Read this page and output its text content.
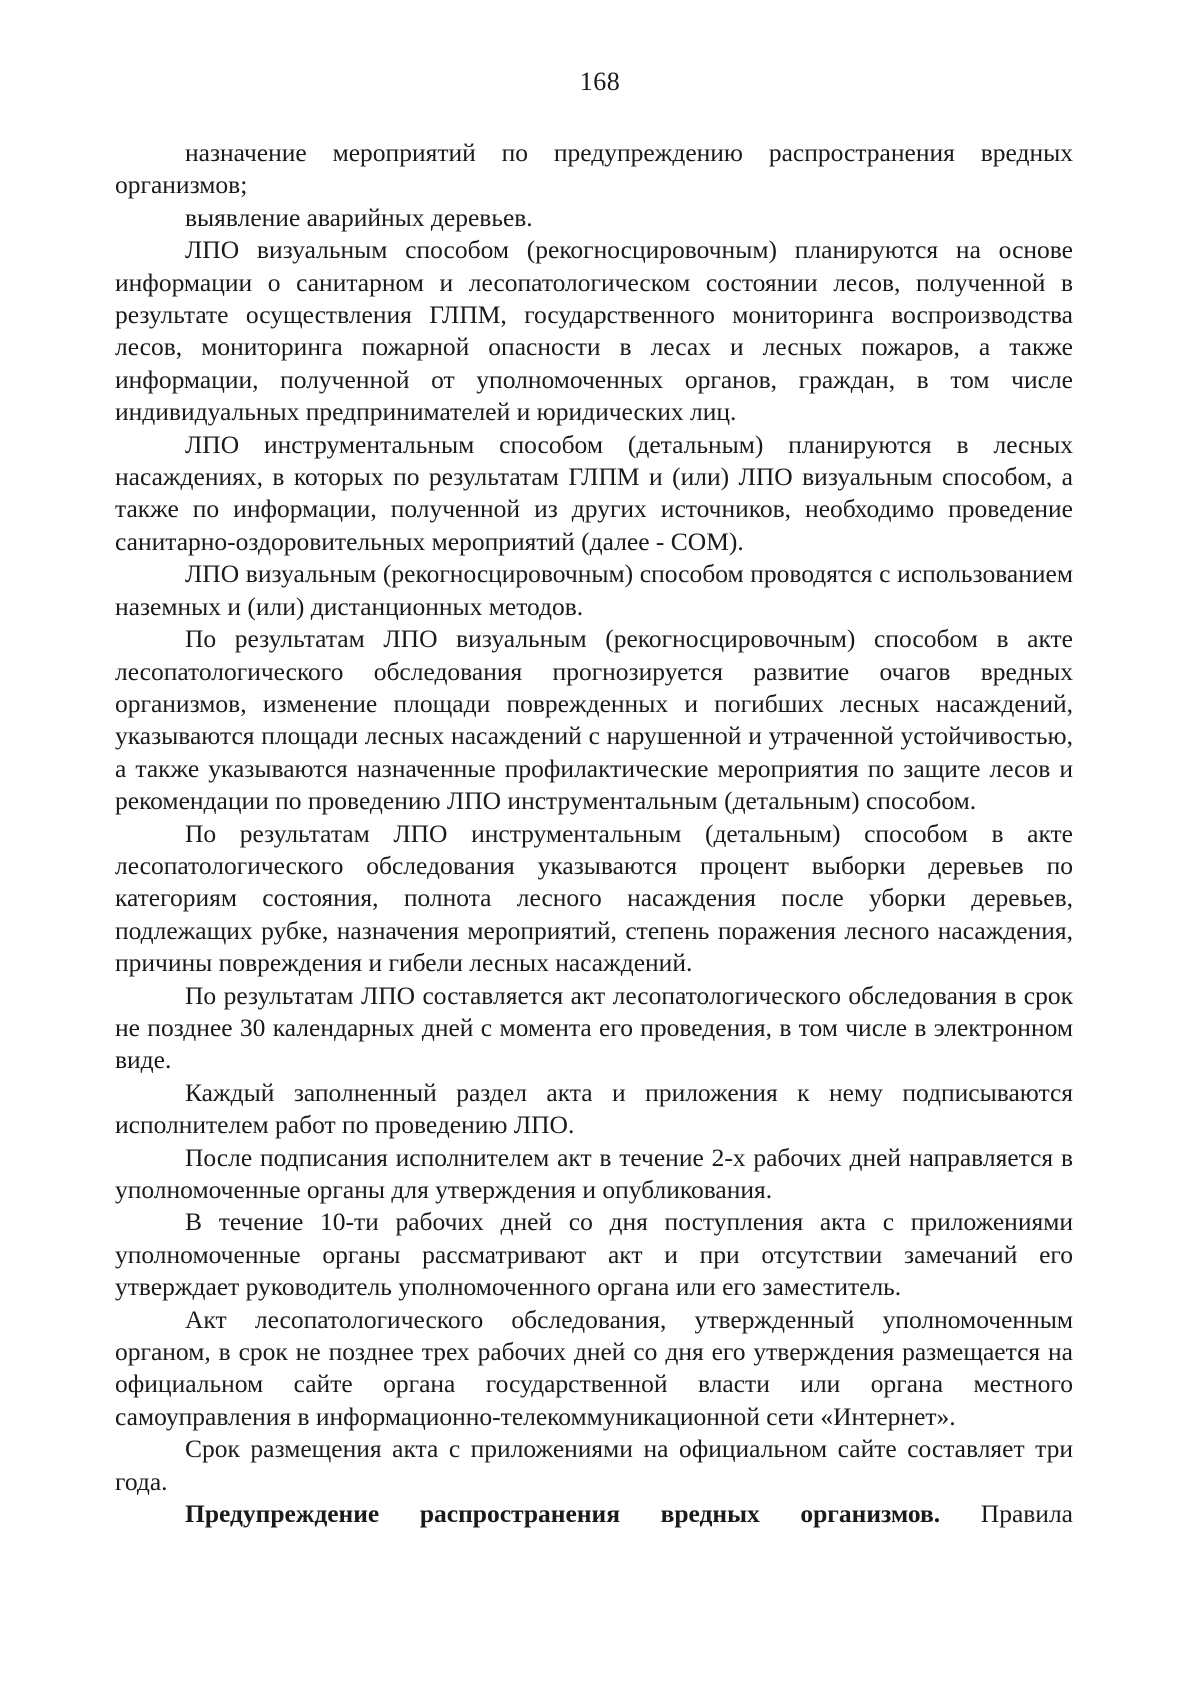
168

назначение мероприятий по предупреждению распространения вредных организмов;

выявление аварийных деревьев.

ЛПО визуальным способом (рекогносцировочным) планируются на основе информации о санитарном и лесопатологическом состоянии лесов, полученной в результате осуществления ГЛПМ, государственного мониторинга воспроизводства лесов, мониторинга пожарной опасности в лесах и лесных пожаров, а также информации, полученной от уполномоченных органов, граждан, в том числе индивидуальных предпринимателей и юридических лиц.

ЛПО инструментальным способом (детальным) планируются в лесных насаждениях, в которых по результатам ГЛПМ и (или) ЛПО визуальным способом, а также по информации, полученной из других источников, необходимо проведение санитарно-оздоровительных мероприятий (далее - СОМ).

ЛПО визуальным (рекогносцировочным) способом проводятся с использованием наземных и (или) дистанционных методов.

По результатам ЛПО визуальным (рекогносцировочным) способом в акте лесопатологического обследования прогнозируется развитие очагов вредных организмов, изменение площади поврежденных и погибших лесных насаждений, указываются площади лесных насаждений с нарушенной и утраченной устойчивостью, а также указываются назначенные профилактические мероприятия по защите лесов и рекомендации по проведению ЛПО инструментальным (детальным) способом.

По результатам ЛПО инструментальным (детальным) способом в акте лесопатологического обследования указываются процент выборки деревьев по категориям состояния, полнота лесного насаждения после уборки деревьев, подлежащих рубке, назначения мероприятий, степень поражения лесного насаждения, причины повреждения и гибели лесных насаждений.

По результатам ЛПО составляется акт лесопатологического обследования в срок не позднее 30 календарных дней с момента его проведения, в том числе в электронном виде.

Каждый заполненный раздел акта и приложения к нему подписываются исполнителем работ по проведению ЛПО.

После подписания исполнителем акт в течение 2-х рабочих дней направляется в уполномоченные органы для утверждения и опубликования.

В течение 10-ти рабочих дней со дня поступления акта с приложениями уполномоченные органы рассматривают акт и при отсутствии замечаний его утверждает руководитель уполномоченного органа или его заместитель.

Акт лесопатологического обследования, утвержденный уполномоченным органом, в срок не позднее трех рабочих дней со дня его утверждения размещается на официальном сайте органа государственной власти или органа местного самоуправления в информационно-телекоммуникационной сети «Интернет».

Срок размещения акта с приложениями на официальном сайте составляет три года.

Предупреждение распространения вредных организмов. Правила
